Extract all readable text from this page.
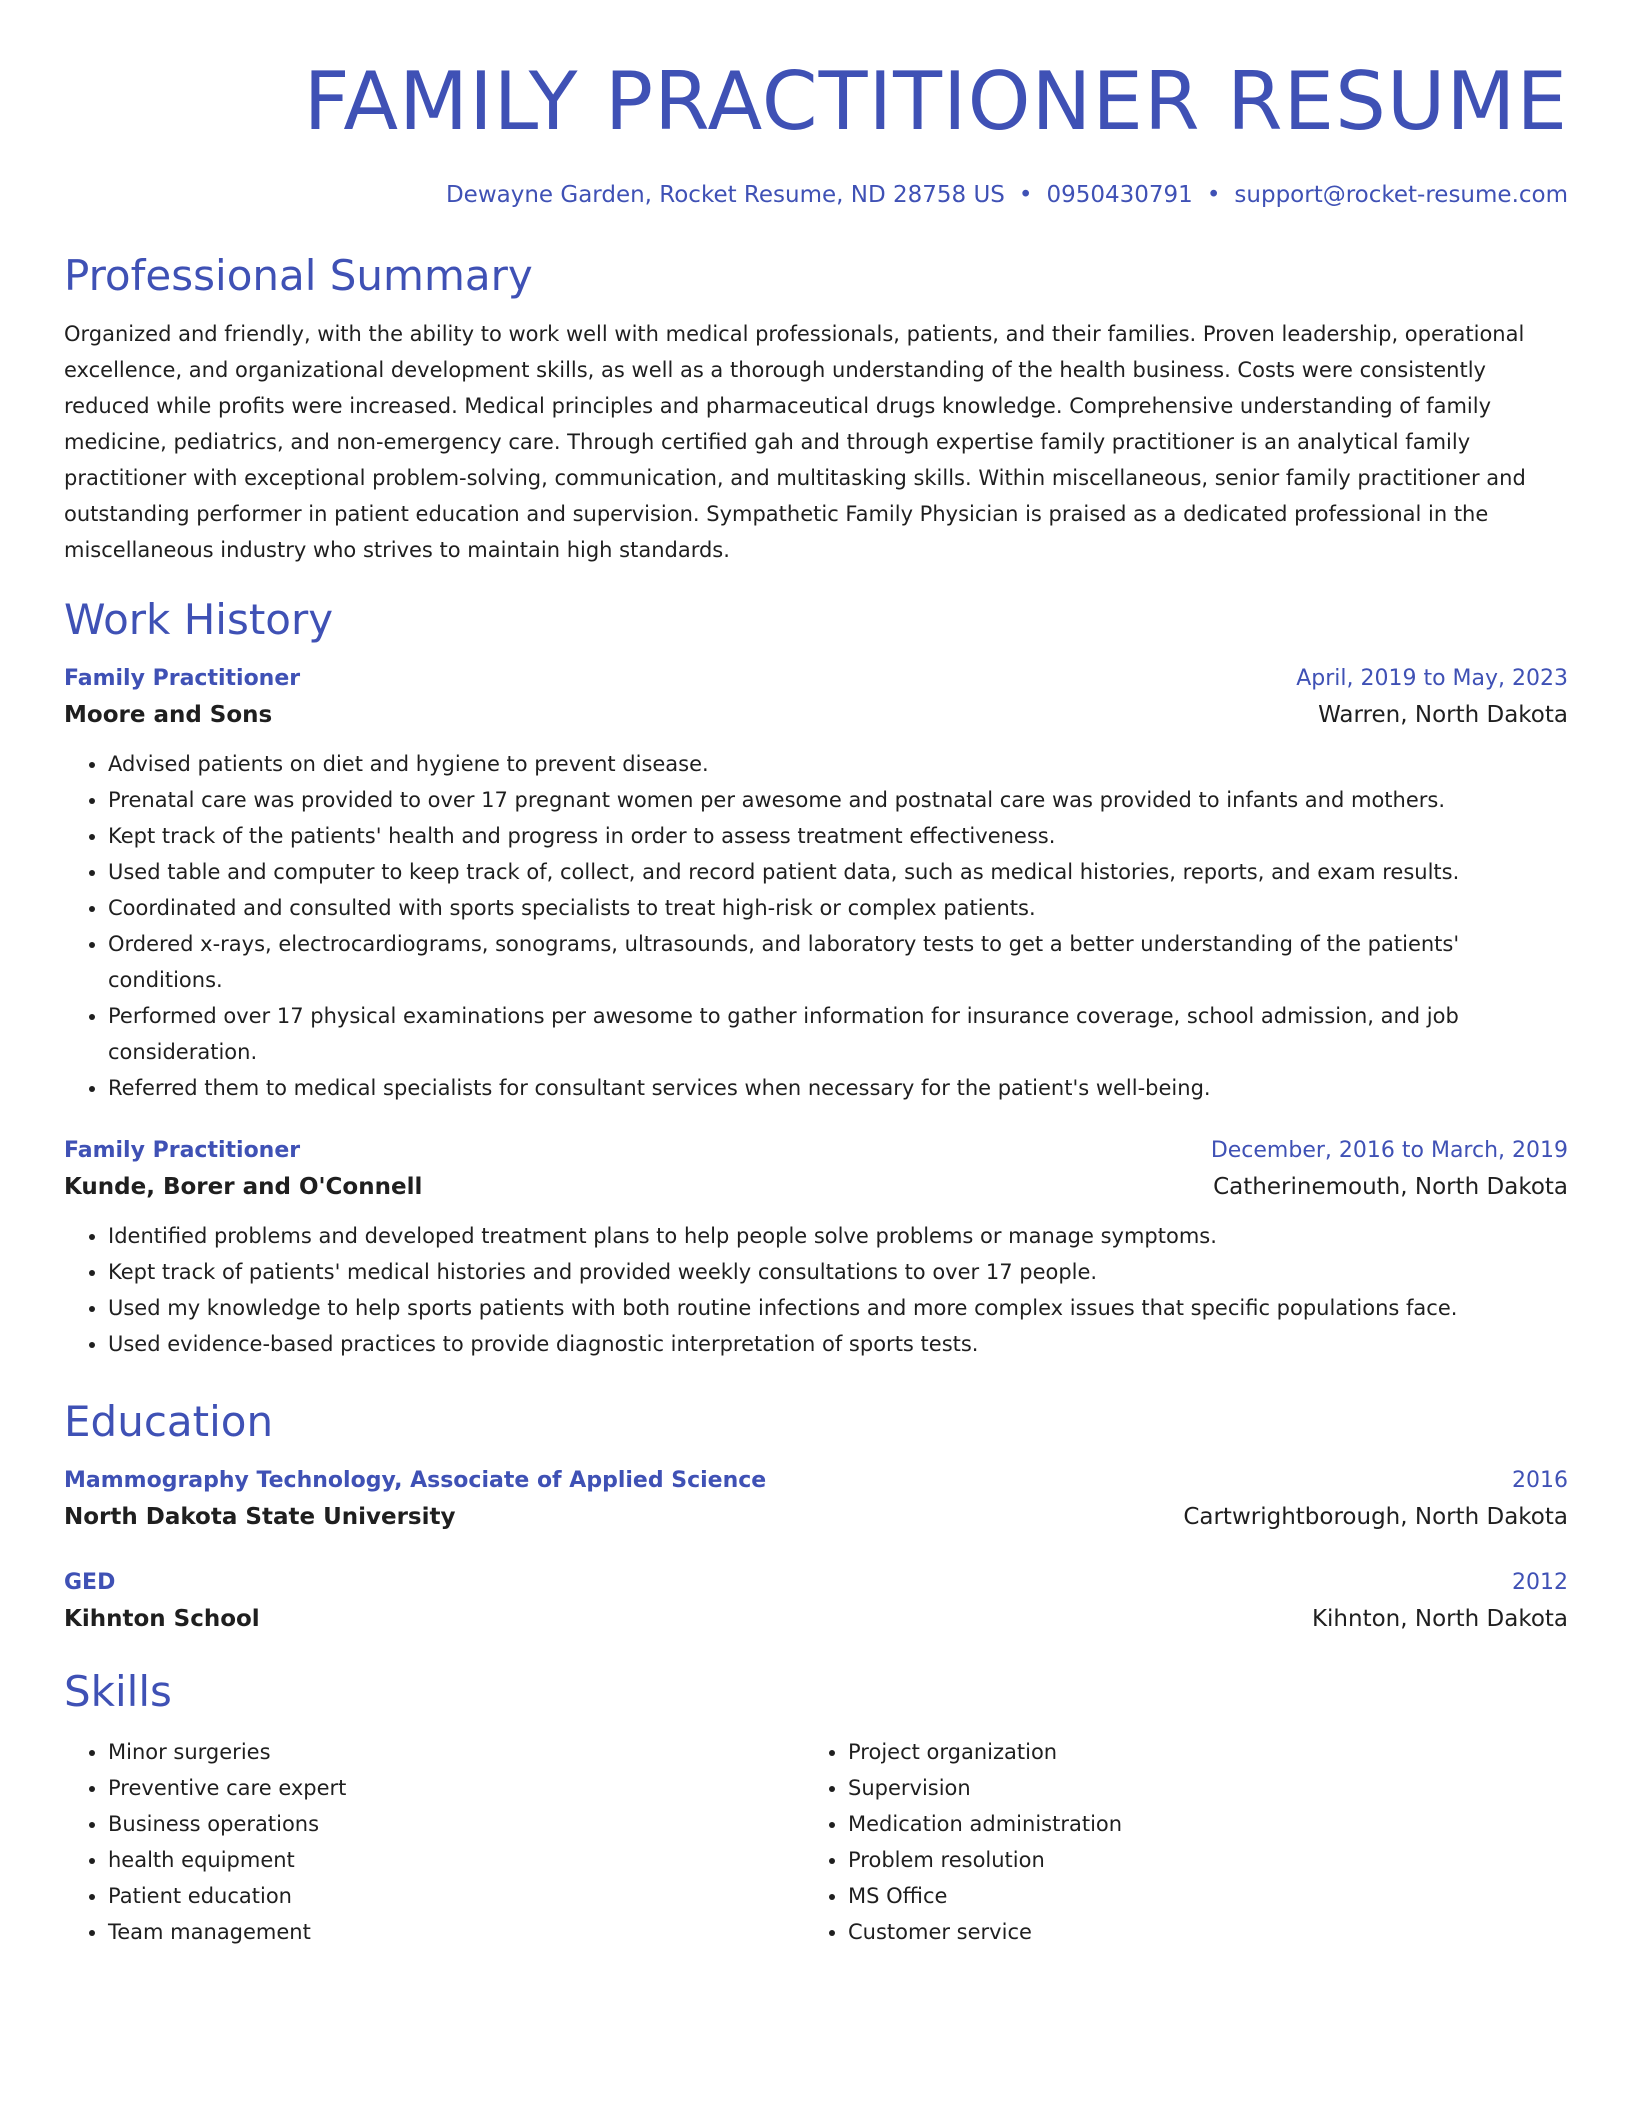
FAMILY PRACTITIONER RESUME
Dewayne Garden, Rocket Resume, ND 28758 US • 0950430791 • support@rocket-resume.com
Professional Summary
Organized and friendly, with the ability to work well with medical professionals, patients, and their families. Proven leadership, operational excellence, and organizational development skills, as well as a thorough understanding of the health business. Costs were consistently reduced while profits were increased. Medical principles and pharmaceutical drugs knowledge. Comprehensive understanding of family medicine, pediatrics, and non-emergency care. Through certified gah and through expertise family practitioner is an analytical family practitioner with exceptional problem-solving, communication, and multitasking skills. Within miscellaneous, senior family practitioner and outstanding performer in patient education and supervision. Sympathetic Family Physician is praised as a dedicated professional in the miscellaneous industry who strives to maintain high standards.
Work History
Family Practitioner	April, 2019 to May, 2023
Moore and Sons	Warren, North Dakota
• Advised patients on diet and hygiene to prevent disease.
• Prenatal care was provided to over 17 pregnant women per awesome and postnatal care was provided to infants and mothers.
• Kept track of the patients' health and progress in order to assess treatment effectiveness.
• Used table and computer to keep track of, collect, and record patient data, such as medical histories, reports, and exam results.
• Coordinated and consulted with sports specialists to treat high-risk or complex patients.
• Ordered x-rays, electrocardiograms, sonograms, ultrasounds, and laboratory tests to get a better understanding of the patients' conditions.
• Performed over 17 physical examinations per awesome to gather information for insurance coverage, school admission, and job consideration.
• Referred them to medical specialists for consultant services when necessary for the patient's well-being.
Family Practitioner	December, 2016 to March, 2019
Kunde, Borer and O'Connell	Catherinemouth, North Dakota
• Identified problems and developed treatment plans to help people solve problems or manage symptoms.
• Kept track of patients' medical histories and provided weekly consultations to over 17 people.
• Used my knowledge to help sports patients with both routine infections and more complex issues that specific populations face.
• Used evidence-based practices to provide diagnostic interpretation of sports tests.
Education
Mammography Technology, Associate of Applied Science	2016
North Dakota State University	Cartwrightborough, North Dakota
GED	2012
Kihnton School	Kihnton, North Dakota
Skills
• Minor surgeries
• Preventive care expert
• Business operations
• health equipment
• Patient education
• Team management
• Project organization
• Supervision
• Medication administration
• Problem resolution
• MS Office
• Customer service
